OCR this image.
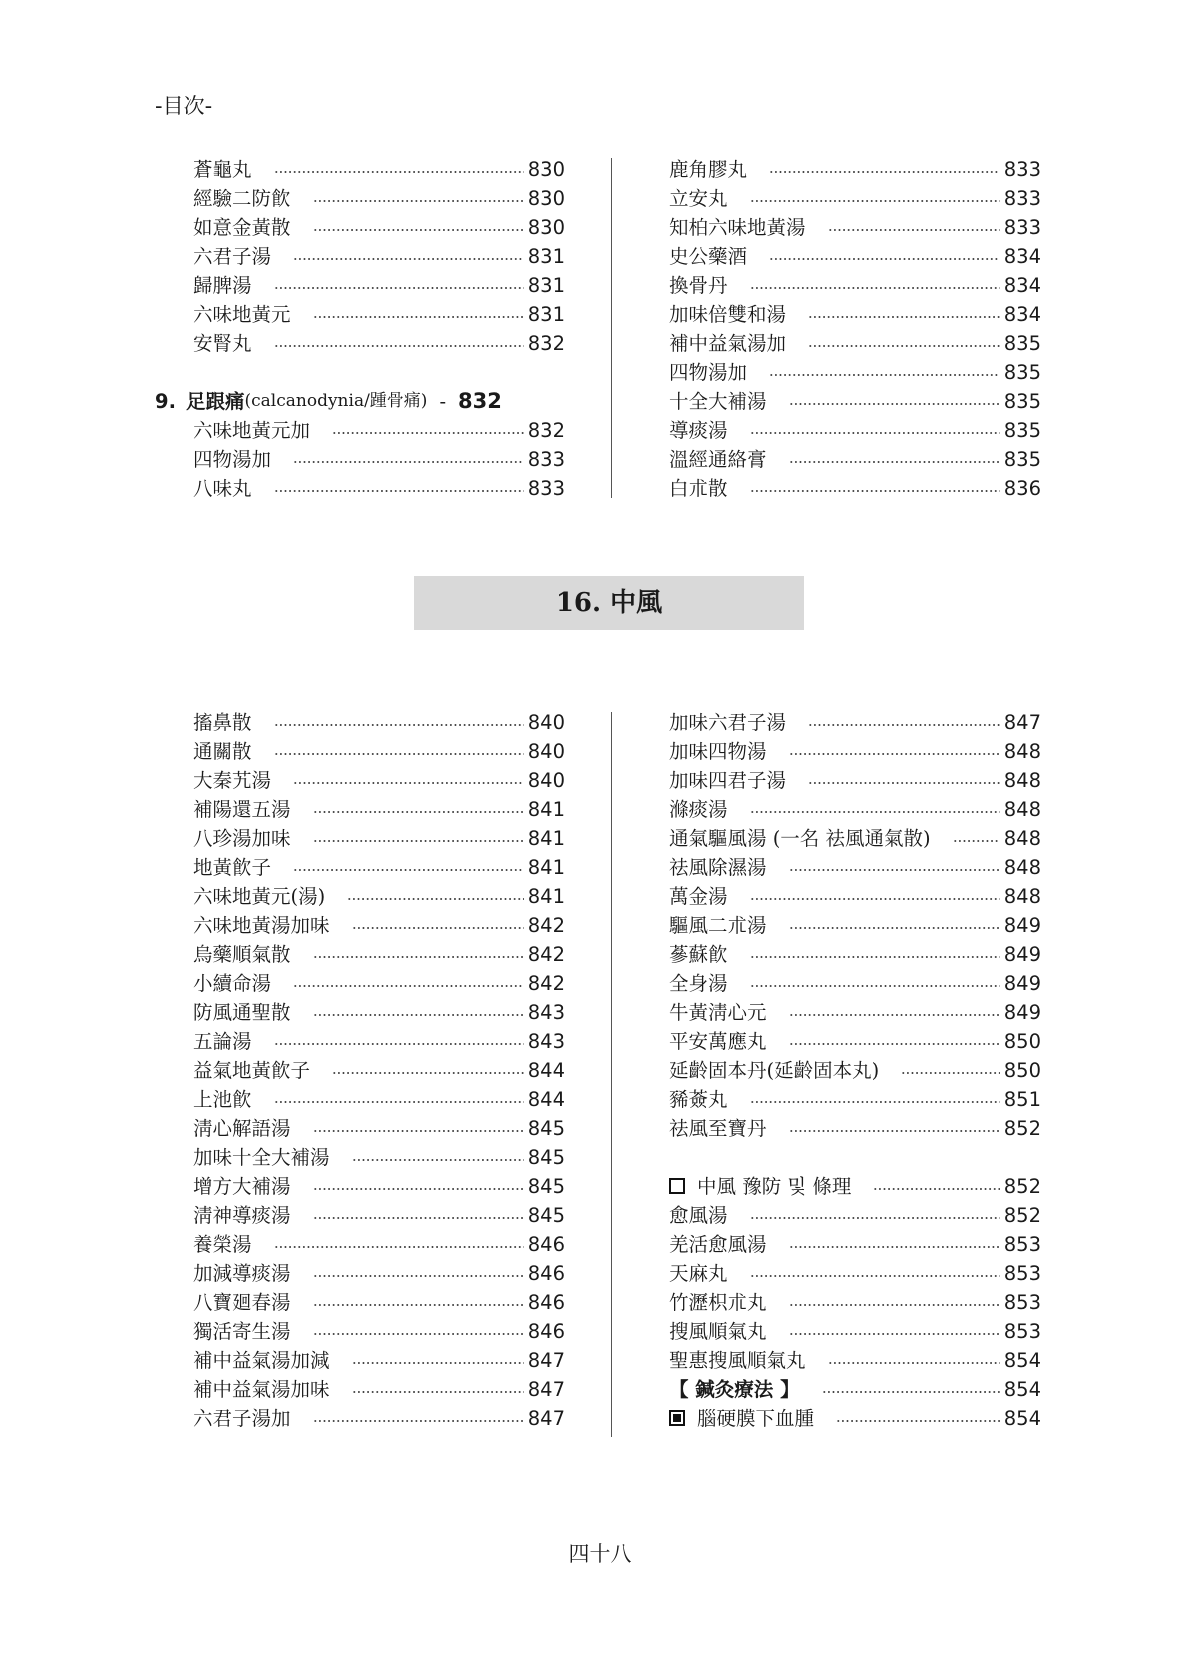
-目次-
蒼龜丸	830
經驗二防飮	830
如意金黃散	830
六君子湯	831
歸脾湯	831
六味地黃元	831
安腎丸	832
9. 足跟痛 (calcanodynia/踵骨痛) - 832
六味地黃元加	832
四物湯加	833
八味丸	833
鹿角膠丸	833
立安丸	833
知柏六味地黃湯	833
史公藥酒	834
換骨丹	834
加味倍雙和湯	834
補中益氣湯加	835
四物湯加	835
十全大補湯	835
導痰湯	835
溫經通絡膏	835
白朮散	836
16. 中風
搐鼻散	840
通關散	840
大秦艽湯	840
補陽還五湯	841
八珍湯加味	841
地黃飮子	841
六味地黃元(湯)	841
六味地黃湯加味	842
烏藥順氣散	842
小續命湯	842
防風通聖散	843
五論湯	843
益氣地黃飮子	844
上池飮	844
淸心解語湯	845
加味十全大補湯	845
增方大補湯	845
淸神導痰湯	845
養榮湯	846
加減導痰湯	846
八寶廻春湯	846
獨活寄生湯	846
補中益氣湯加減	847
補中益氣湯加味	847
六君子湯加	847
加味六君子湯	847
加味四物湯	848
加味四君子湯	848
滌痰湯	848
通氣驅風湯 (一名 祛風通氣散)	848
祛風除濕湯	848
萬金湯	848
驅風二朮湯	849
蔘蘇飮	849
全身湯	849
牛黃淸心元	849
平安萬應丸	850
延齡固本丹(延齡固本丸)	850
豨薟丸	851
祛風至寶丹	852
中風 豫防 및 條理	852
愈風湯	852
羌活愈風湯	853
天麻丸	853
竹瀝枳朮丸	853
搜風順氣丸	853
聖惠搜風順氣丸	854
【 鍼灸療法 】	854
腦硬膜下血腫	854
四十八
